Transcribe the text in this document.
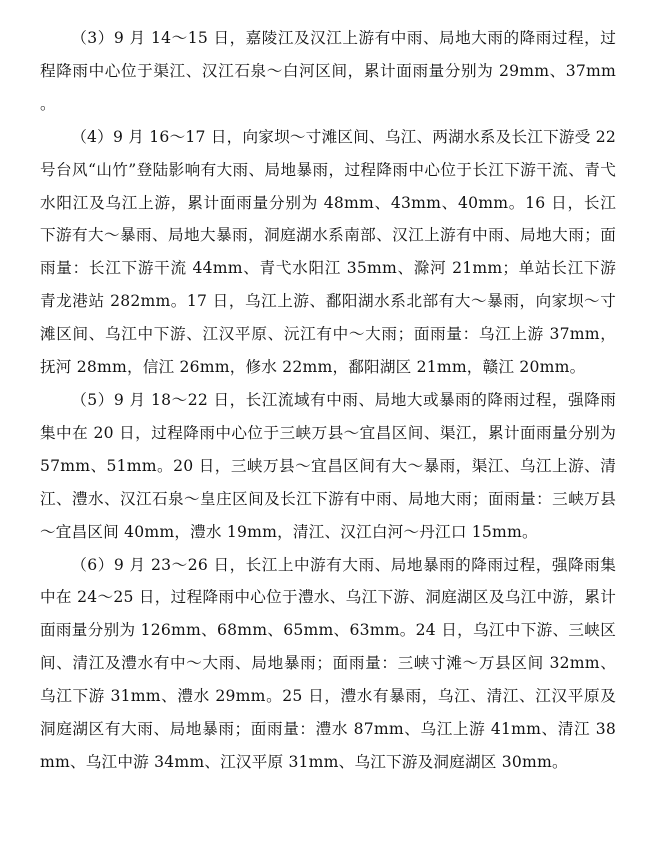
（3）9 月 14～15 日，嘉陵江及汉江上游有中雨、局地大雨的降雨过程，过程降雨中心位于渠江、汉江石泉～白河区间，累计面雨量分别为 29mm、37mm。

（4）9 月 16～17 日，向家坝～寸滩区间、乌江、两湖水系及长江下游受 22 号台风“山竹”登陆影响有大雨、局地暴雨，过程降雨中心位于长江下游干流、青弋水阳江及乌江上游，累计面雨量分别为 48mm、43mm、40mm。16 日，长江下游有大～暴雨、局地大暴雨，洞庭湖水系南部、汉江上游有中雨、局地大雨；面雨量：长江下游干流 44mm、青弋水阳江 35mm、滁河 21mm；单站长江下游青龙港站 282mm。17 日，乌江上游、鄱阳湖水系北部有大～暴雨，向家坝～寸滩区间、乌江中下游、江汉平原、沅江有中～大雨；面雨量：乌江上游 37mm，抚河 28mm，信江 26mm，修水 22mm，鄱阳湖区 21mm，赣江 20mm。

（5）9 月 18～22 日，长江流域有中雨、局地大或暴雨的降雨过程，强降雨集中在 20 日，过程降雨中心位于三峡万县～宜昌区间、渠江，累计面雨量分别为 57mm、51mm。20 日，三峡万县～宜昌区间有大～暴雨，渠江、乌江上游、清江、澧水、汉江石泉～皇庄区间及长江下游有中雨、局地大雨；面雨量：三峡万县～宜昌区间 40mm，澧水 19mm，清江、汉江白河～丹江口 15mm。

（6）9 月 23～26 日，长江上中游有大雨、局地暴雨的降雨过程，强降雨集中在 24～25 日，过程降雨中心位于澧水、乌江下游、洞庭湖区及乌江中游，累计面雨量分别为 126mm、68mm、65mm、63mm。24 日，乌江中下游、三峡区间、清江及澧水有中～大雨、局地暴雨；面雨量：三峡寸滩～万县区间 32mm、乌江下游 31mm、澧水 29mm。25 日，澧水有暴雨，乌江、清江、江汉平原及洞庭湖区有大雨、局地暴雨；面雨量：澧水 87mm、乌江上游 41mm、清江 38mm、乌江中游 34mm、江汉平原 31mm、乌江下游及洞庭湖区 30mm。
